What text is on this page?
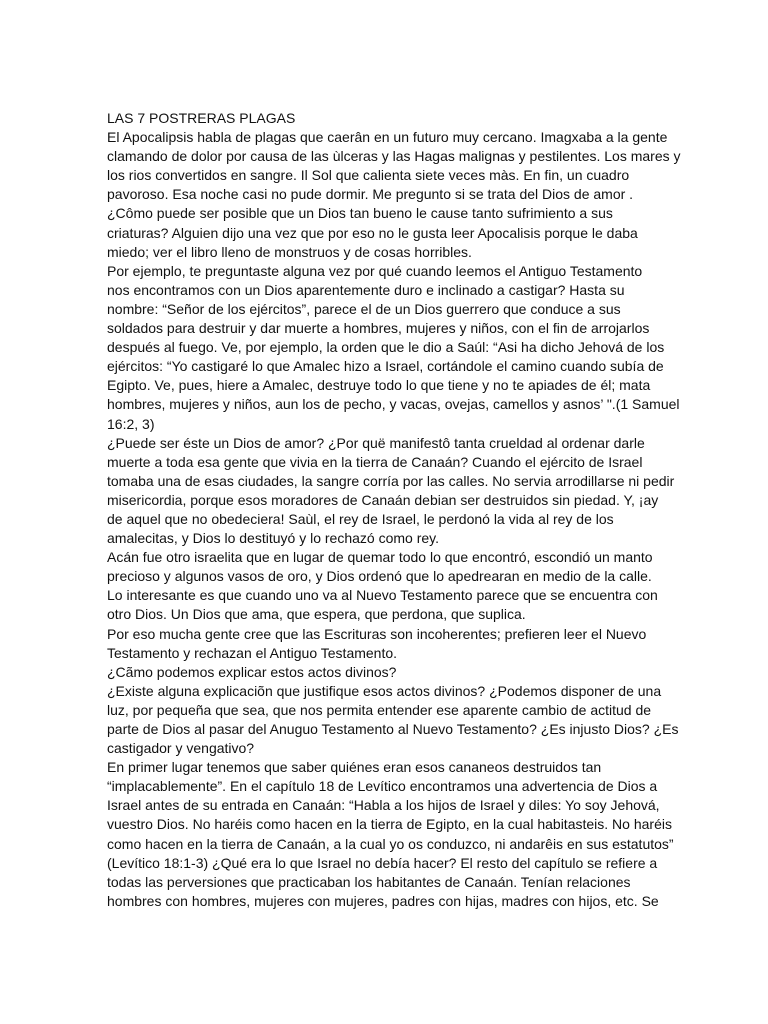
LAS 7 POSTRERAS PLAGAS
El Apocalipsis habla de plagas que caerân en un futuro muy cercano. Imagxaba a la gente
clamando de dolor por causa de las ùlceras y las Hagas malignas y pestilentes. Los mares y
los rios convertidos en sangre. Il Sol que calienta siete veces màs. En fin, un cuadro
pavoroso. Esa noche casi no pude dormir. Me pregunto si se trata del Dios de amor .
¿Cômo puede ser posible que un Dios tan bueno le cause tanto sufrimiento a sus
criaturas? Alguien dijo una vez que por eso no le gusta leer Apocalisis porque le daba
miedo; ver el libro lleno de monstruos y de cosas horribles.
Por ejemplo, te preguntaste alguna vez por qué cuando leemos el Antiguo Testamento
nos encontramos con un Dios aparentemente duro e inclinado a castigar? Hasta su
nombre: “Señor de los ejércitos”, parece el de un Dios guerrero que conduce a sus
soldados para destruir y dar muerte a hombres, mujeres y niños, con el fin de arrojarlos
después al fuego. Ve, por ejemplo, la orden que le dio a Saúl: “Asi ha dicho Jehová de los
ejércitos: “Yo castigaré lo que Amalec hizo a Israel, cortándole el camino cuando subía de
Egipto. Ve, pues, hiere a Amalec, destruye todo lo que tiene y no te apiades de él; mata
hombres, mujeres y niños, aun los de pecho, y vacas, ovejas, camellos y asnos’ ".(1 Samuel
16:2, 3)
¿Puede ser éste un Dios de amor? ¿Por quë manifestô tanta crueldad al ordenar darle
muerte a toda esa gente que vivia en la tierra de Canaán? Cuando el ejército de Israel
tomaba una de esas ciudades, la sangre corría por las calles. No servia arrodillarse ni pedir
misericordia, porque esos moradores de Canaán debian ser destruidos sin piedad. Y, ¡ay
de aquel que no obedeciera! Saùl, el rey de Israel, le perdonó la vida al rey de los
amalecitas, y Dios lo destituyó y lo rechazó como rey.
Acán fue otro israelita que en lugar de quemar todo lo que encontró, escondió un manto
precioso y algunos vasos de oro, y Dios ordenó que lo apedrearan en medio de la calle.
Lo interesante es que cuando uno va al Nuevo Testamento parece que se encuentra con
otro Dios. Un Dios que ama, que espera, que perdona, que suplica.
Por eso mucha gente cree que las Escrituras son incoherentes; prefieren leer el Nuevo
Testamento y rechazan el Antiguo Testamento.
¿Cãmo podemos explicar estos actos divinos?
¿Existe alguna explicaciõn que justifique esos actos divinos? ¿Podemos disponer de una
luz, por pequeña que sea, que nos permita entender ese aparente cambio de actitud de
parte de Dios al pasar del Anuguo Testamento al Nuevo Testamento? ¿Es injusto Dios? ¿Es
castigador y vengativo?
En primer lugar tenemos que saber quiénes eran esos cananeos destruidos tan
“implacablemente”. En el capítulo 18 de Levítico encontramos una advertencia de Dios a
Israel antes de su entrada en Canaán: “Habla a los hijos de Israel y diles: Yo soy Jehová,
vuestro Dios. No haréis como hacen en la tierra de Egipto, en la cual habitasteis. No haréis
como hacen en la tierra de Canaán, a la cual yo os conduzco, ni andarêis en sus estatutos”
(Levítico 18:1-3) ¿Qué era lo que Israel no debía hacer? El resto del capítulo se refiere a
todas las perversiones que practicaban los habitantes de Canaán. Tenían relaciones
hombres con hombres, mujeres con mujeres, padres con hijas, madres con hijos, etc. Se
